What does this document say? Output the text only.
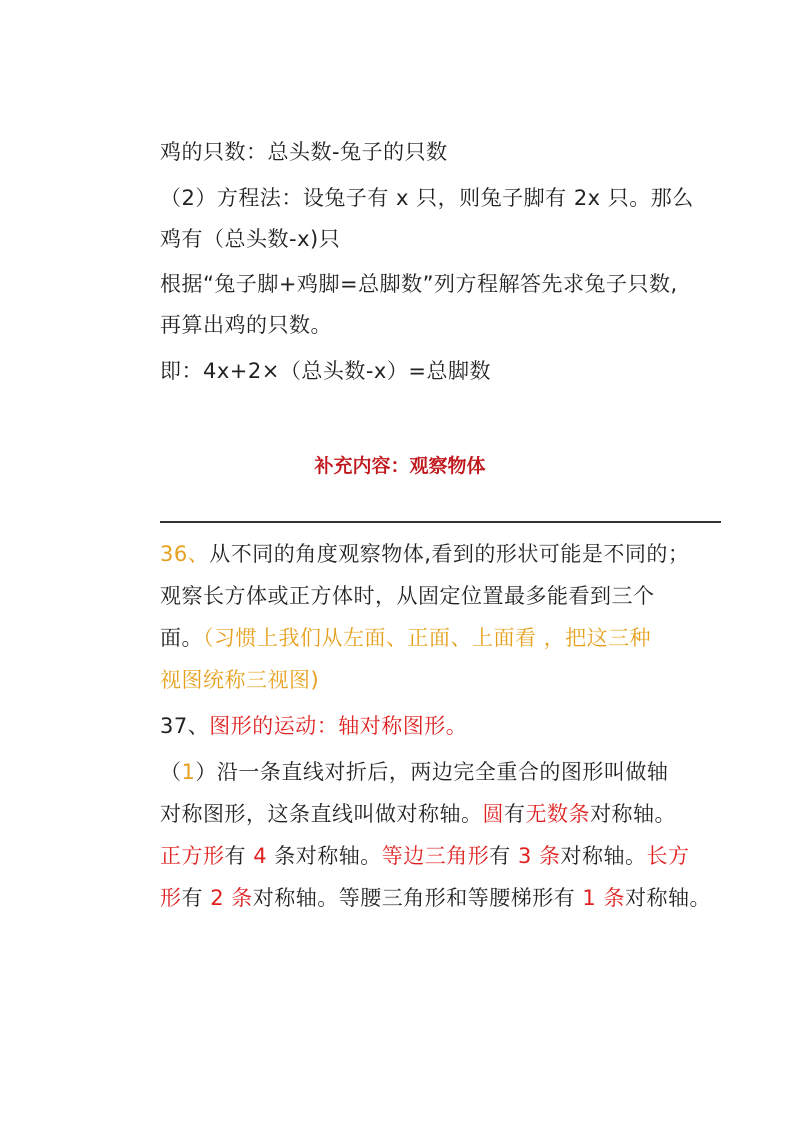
鸡的只数：总头数-兔子的只数

（2）方程法：设兔子有 x 只，则兔子脚有 2x 只。那么

鸡有（总头数-x)只

根据“兔子脚+鸡脚=总脚数”列方程解答先求兔子只数,

再算出鸡的只数。

即：4x+2×（总头数-x）=总脚数

补充内容：观察物体

36、从不同的角度观察物体,看到的形状可能是不同的；

观察长方体或正方体时，从固定位置最多能看到三个

面。（习惯上我们从左面、正面、上面看 ，把这三种

视图统称三视图)

37、图形的运动：轴对称图形。

（1）沿一条直线对折后，两边完全重合的图形叫做轴

对称图形，这条直线叫做对称轴。圆有无数条对称轴。

正方形有 4 条对称轴。等边三角形有 3 条对称轴。长方

形有 2 条对称轴。等腰三角形和等腰梯形有 1 条对称轴。
